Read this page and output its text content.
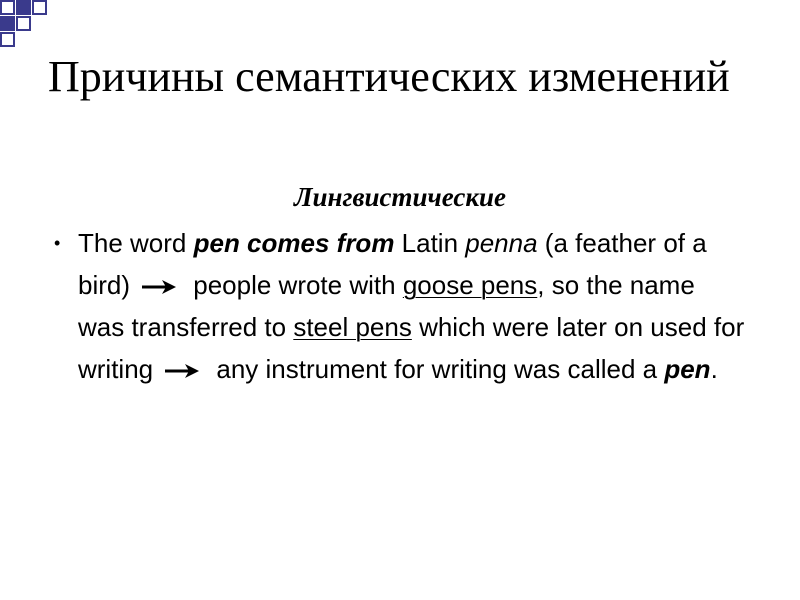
Причины семантических изменений

Лингвистические

• The word pen comes from Latin penna (a feather of a bird) people wrote with goose pens, so the name was transferred to steel pens which were later on used for writing any instrument for writing was called a pen.
